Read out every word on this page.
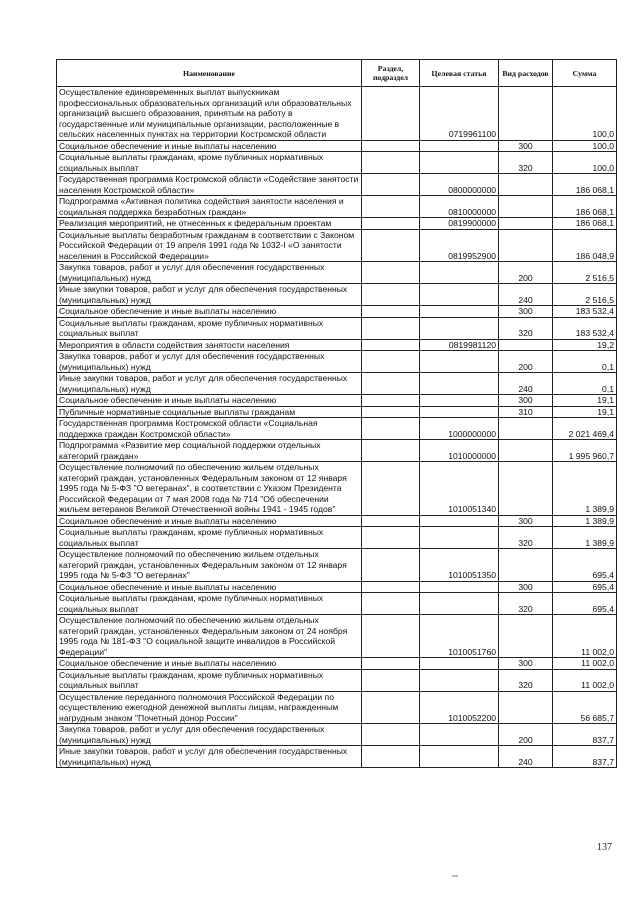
Наименование	Раздел, подраздел	Целевая статья	Вид расходов	Сумма
Осуществление единовременных выплат выпускникам профессиональных образовательных организаций или образовательных организаций высшего образования, принятым на работу в государственные или муниципальные организации, расположенные в сельских населенных пунктах на территории Костромской области		0719961100		100,0
Социальное обеспечение и иные выплаты населению			300	100,0
Социальные выплаты гражданам, кроме публичных нормативных социальных выплат			320	100,0
Государственная программа Костромской области «Содействие занятости населения Костромской области»		0800000000		186 068,1
Подпрограмма «Активная политика содействия занятости населения и социальная поддержка безработных граждан»		0810000000		186 068,1
Реализация мероприятий, не отнесенных к федеральным проектам		0819900000		186 068,1
Социальные выплаты безработным гражданам в соответствии с Законом Российской Федерации от 19 апреля 1991 года № 1032-I «О занятости населения в Российской Федерации»		0819952900		186 048,9
Закупка товаров, работ и услуг для обеспечения государственных (муниципальных) нужд			200	2 516,5
Иные закупки товаров, работ и услуг для обеспечения государственных (муниципальных) нужд			240	2 516,5
Социальное обеспечение и иные выплаты населению			300	183 532,4
Социальные выплаты гражданам, кроме публичных нормативных социальных выплат			320	183 532,4
Мероприятия в области содействия занятости населения		0819981120		19,2
Закупка товаров, работ и услуг для обеспечения государственных (муниципальных) нужд			200	0,1
Иные закупки товаров, работ и услуг для обеспечения государственных (муниципальных) нужд			240	0,1
Социальное обеспечение и иные выплаты населению			300	19,1
Публичные нормативные социальные выплаты гражданам			310	19,1
Государственная программа Костромской области «Социальная поддержка граждан Костромской области»		1000000000		2 021 469,4
Подпрограмма «Развитие мер социальной поддержки отдельных категорий граждан»		1010000000		1 995 960,7
Осуществление полномочий по обеспечению жильем отдельных категорий граждан, установленных Федеральным законом от 12 января 1995 года № 5-ФЗ "О ветеранах", в соответствии с Указом Президента Российской Федерации от 7 мая 2008 года № 714 "Об обеспечении жильем ветеранов Великой Отечественной войны 1941 - 1945 годов"		1010051340		1 389,9
Социальное обеспечение и иные выплаты населению			300	1 389,9
Социальные выплаты гражданам, кроме публичных нормативных социальных выплат			320	1 389,9
Осуществление полномочий по обеспечению жильем отдельных категорий граждан, установленных Федеральным законом от 12 января 1995 года № 5-ФЗ "О ветеранах"		1010051350		695,4
Социальное обеспечение и иные выплаты населению			300	695,4
Социальные выплаты гражданам, кроме публичных нормативных социальных выплат			320	695,4
Осуществление полномочий по обеспечению жильем отдельных категорий граждан, установленных Федеральным законом от 24 ноября 1995 года № 181-ФЗ "О социальной защите инвалидов в Российской Федерации"		1010051760		11 002,0
Социальное обеспечение и иные выплаты населению			300	11 002,0
Социальные выплаты гражданам, кроме публичных нормативных социальных выплат			320	11 002,0
Осуществление переданного полномочия Российской Федерации по осуществлению ежегодной денежной выплаты лицам, награжденным нагрудным знаком "Почетный донор России"		1010052200		56 685,7
Закупка товаров, работ и услуг для обеспечения государственных (муниципальных) нужд			200	837,7
Иные закупки товаров, работ и услуг для обеспечения государственных (муниципальных) нужд			240	837,7
137
